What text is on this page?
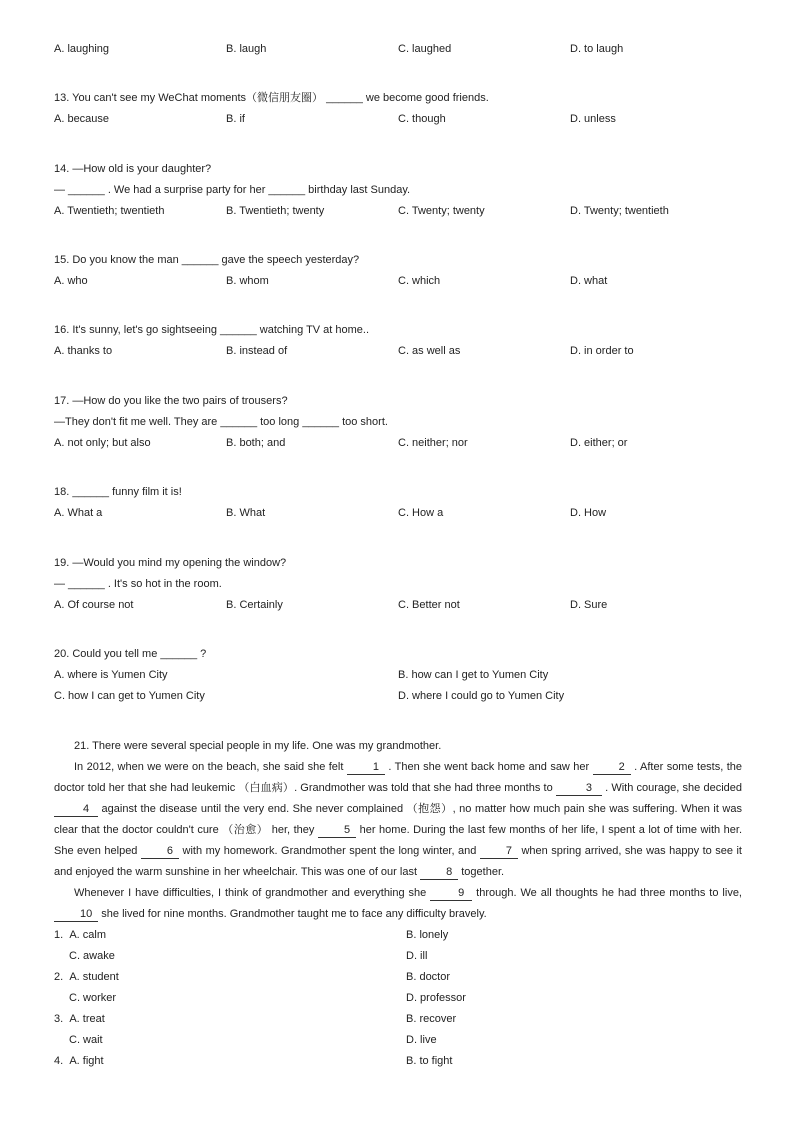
A. laughing	B. laugh	C. laughed	D. to laugh
13. You can't see my WeChat moments（微信朋友圈） ______ we become good friends.
A. because	B. if	C. though	D. unless
14. —How old is your daughter?
— ______ . We had a surprise party for her ______ birthday last Sunday.
A. Twentieth; twentieth	B. Twentieth; twenty	C. Twenty; twenty	D. Twenty; twentieth
15. Do you know the man ______ gave the speech yesterday?
A. who	B. whom	C. which	D. what
16. It's sunny, let's go sightseeing ______ watching TV at home..
A. thanks to	B. instead of	C. as well as	D. in order to
17. —How do you like the two pairs of trousers?
—They don't fit me well. They are ______ too long ______ too short.
A. not only; but also	B. both; and	C. neither; nor	D. either; or
18. ______ funny film it is!
A. What a	B. What	C. How a	D. How
19. —Would you mind my opening the window?
— ______ . It's so hot in the room.
A. Of course not	B. Certainly	C. Better not	D. Sure
20. Could you tell me ______ ?
A. where is Yumen City	B. how can I get to Yumen City
C. how I can get to Yumen City	D. where I could go to Yumen City
21. There were several special people in my life. One was my grandmother.
In 2012, when we were on the beach, she said she felt 1 . Then she went back home and saw her 2 . After some tests, the doctor told her that she had leukemic （白血病）. Grandmother was told that she had three months to	3 . With courage, she decided 4 against the disease until the very end. She never complained （抱怨）, no matter how much pain she was suffering. When it was clear that the doctor couldn't cure （治愈） her, they 5 her home. During the last few months of her life, I spent a lot of time with her. She even helped 6 with my homework. Grandmother spent the long winter, and 7 when spring arrived, she was happy to see it and enjoyed the warm sunshine in her wheelchair. This was one of our last 8 together.
Whenever I have difficulties, I think of grandmother and everything she	9 through. We all thoughts he had three months to live, 10 she lived for nine months. Grandmother taught me to face any difficulty bravely.
1. A. calm	B. lonely
C. awake	D. ill
2. A. student	B. doctor
C. worker	D. professor
3. A. treat	B. recover
C. wait	D. live
4. A. fight	B. to fight
